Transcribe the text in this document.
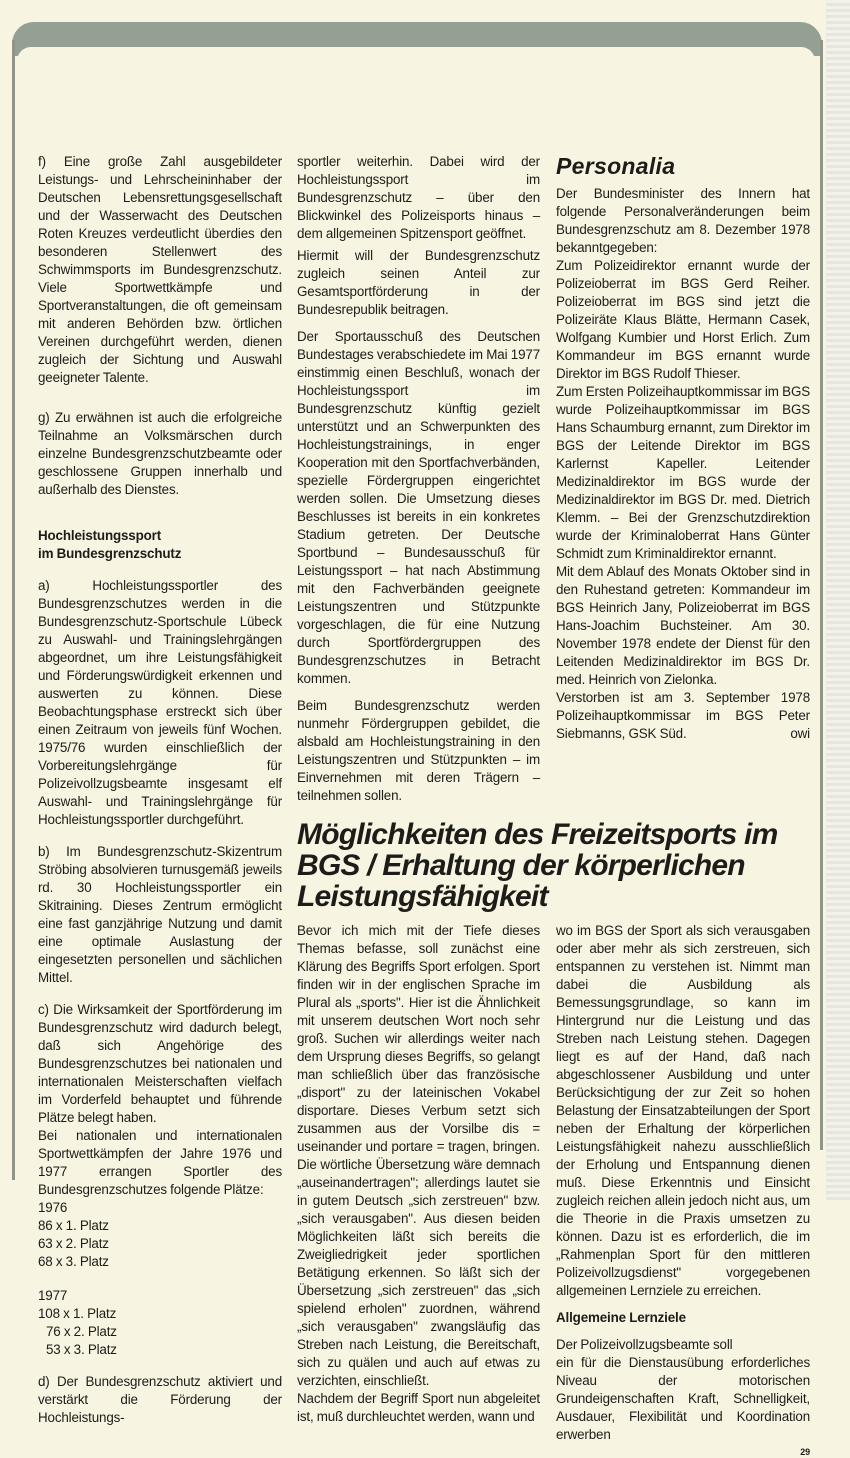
f) Eine große Zahl ausgebildeter Leistungs- und Lehrscheininhaber der Deutschen Lebensrettungsgesellschaft und der Wasserwacht des Deutschen Roten Kreuzes verdeutlicht überdies den besonderen Stellenwert des Schwimmsports im Bundesgrenzschutz. Viele Sportwettkämpfe und Sportveranstaltungen, die oft gemeinsam mit anderen Behörden bzw. örtlichen Vereinen durchgeführt werden, dienen zugleich der Sichtung und Auswahl geeigneter Talente.

g) Zu erwähnen ist auch die erfolgreiche Teilnahme an Volksmärschen durch einzelne Bundesgrenzschutzbeamte oder geschlossene Gruppen innerhalb und außerhalb des Dienstes.

Hochleistungssport
im Bundesgrenzschutz

a) Hochleistungssportler des Bundesgrenzschutzes werden in die Bundesgrenzschutz-Sportschule Lübeck zu Auswahl- und Trainingslehrgängen abgeordnet, um ihre Leistungsfähigkeit und Förderungswürdigkeit erkennen und auswerten zu können. Diese Beobachtungsphase erstreckt sich über einen Zeitraum von jeweils fünf Wochen. 1975/76 wurden einschließlich der Vorbereitungslehrgänge für Polizeivollzugsbeamte insgesamt elf Auswahl- und Trainingslehrgänge für Hochleistungssportler durchgeführt.

b) Im Bundesgrenzschutz-Skizentrum Ströbing absolvieren turnusgemäß jeweils rd. 30 Hochleistungssportler ein Skitraining. Dieses Zentrum ermöglicht eine fast ganzjährige Nutzung und damit eine optimale Auslastung der eingesetzten personellen und sächlichen Mittel.

c) Die Wirksamkeit der Sportförderung im Bundesgrenzschutz wird dadurch belegt, daß sich Angehörige des Bundesgrenzschutzes bei nationalen und internationalen Meisterschaften vielfach im Vorderfeld behauptet und führende Plätze belegt haben.

Bei nationalen und internationalen Sportwettkämpfen der Jahre 1976 und 1977 errangen Sportler des Bundesgrenzschutzes folgende Plätze:

1976

86 x 1. Platz

63 x 2. Platz

68 x 3. Platz

1977

108 x 1. Platz

76 x 2. Platz

53 x 3. Platz

d) Der Bundesgrenzschutz aktiviert und verstärkt die Förderung der Hochleistungs-

sportler weiterhin. Dabei wird der Hochleistungssport im Bundesgrenzschutz – über den Blickwinkel des Polizeisports hinaus – dem allgemeinen Spitzensport geöffnet.

Hiermit will der Bundesgrenzschutz zugleich seinen Anteil zur Gesamtsportförderung in der Bundesrepublik beitragen.

Der Sportausschuß des Deutschen Bundestages verabschiedete im Mai 1977 einstimmig einen Beschluß, wonach der Hochleistungssport im Bundesgrenzschutz künftig gezielt unterstützt und an Schwerpunkten des Hochleistungstrainings, in enger Kooperation mit den Sportfachverbänden, spezielle Fördergruppen eingerichtet werden sollen. Die Umsetzung dieses Beschlusses ist bereits in ein konkretes Stadium getreten. Der Deutsche Sportbund – Bundesausschuß für Leistungssport – hat nach Abstimmung mit den Fachverbänden geeignete Leistungszentren und Stützpunkte vorgeschlagen, die für eine Nutzung durch Sportfördergruppen des Bundesgrenzschutzes in Betracht kommen.

Beim Bundesgrenzschutz werden nunmehr Fördergruppen gebildet, die alsbald am Hochleistungstraining in den Leistungszentren und Stützpunkten – im Einvernehmen mit deren Trägern – teilnehmen sollen.

Personalia

Der Bundesminister des Innern hat folgende Personalveränderungen beim Bundesgrenzschutz am 8. Dezember 1978 bekanntgegeben:

Zum Polizeidirektor ernannt wurde der Polizeioberrat im BGS Gerd Reiher. Polizeioberrat im BGS sind jetzt die Polizeiräte Klaus Blätte, Hermann Casek, Wolfgang Kumbier und Horst Erlich. Zum Kommandeur im BGS ernannt wurde Direktor im BGS Rudolf Thieser.

Zum Ersten Polizeihauptkommissar im BGS wurde Polizeihauptkommissar im BGS Hans Schaumburg ernannt, zum Direktor im BGS der Leitende Direktor im BGS Karlernst Kapeller. Leitender Medizinaldirektor im BGS wurde der Medizinaldirektor im BGS Dr. med. Dietrich Klemm. – Bei der Grenzschutzdirektion wurde der Kriminaloberrat Hans Günter Schmidt zum Kriminaldirektor ernannt.

Mit dem Ablauf des Monats Oktober sind in den Ruhestand getreten: Kommandeur im BGS Heinrich Jany, Polizeioberrat im BGS Hans-Joachim Buchsteiner. Am 30. November 1978 endete der Dienst für den Leitenden Medizinaldirektor im BGS Dr. med. Heinrich von Zielonka.

Verstorben ist am 3. September 1978 Polizeihauptkommissar im BGS Peter Siebmanns, GSK Süd.	owi

Möglichkeiten des Freizeitsports im
BGS / Erhaltung der körperlichen
Leistungsfähigkeit

Bevor ich mich mit der Tiefe dieses Themas befasse, soll zunächst eine Klärung des Begriffs Sport erfolgen. Sport finden wir in der englischen Sprache im Plural als „sports". Hier ist die Ähnlichkeit mit unserem deutschen Wort noch sehr groß. Suchen wir allerdings weiter nach dem Ursprung dieses Begriffs, so gelangt man schließlich über das französische „disport" zu der lateinischen Vokabel disportare. Dieses Verbum setzt sich zusammen aus der Vorsilbe dis = useinander und portare = tragen, bringen. Die wörtliche Übersetzung wäre demnach „auseinandertragen"; allerdings lautet sie in gutem Deutsch „sich zerstreuen" bzw. „sich verausgaben". Aus diesen beiden Möglichkeiten läßt sich bereits die Zweigliedrigkeit jeder sportlichen Betätigung erkennen. So läßt sich der Übersetzung „sich zerstreuen" das „sich spielend erholen" zuordnen, während „sich verausgaben" zwangsläufig das Streben nach Leistung, die Bereitschaft, sich zu quälen und auch auf etwas zu verzichten, einschließt.

Nachdem der Begriff Sport nun abgeleitet ist, muß durchleuchtet werden, wann und

wo im BGS der Sport als sich verausgaben oder aber mehr als sich zerstreuen, sich entspannen zu verstehen ist. Nimmt man dabei die Ausbildung als Bemessungsgrundlage, so kann im Hintergrund nur die Leistung und das Streben nach Leistung stehen. Dagegen liegt es auf der Hand, daß nach abgeschlossener Ausbildung und unter Berücksichtigung der zur Zeit so hohen Belastung der Einsatzabteilungen der Sport neben der Erhaltung der körperlichen Leistungsfähigkeit nahezu ausschließlich der Erholung und Entspannung dienen muß. Diese Erkenntnis und Einsicht zugleich reichen allein jedoch nicht aus, um die Theorie in die Praxis umsetzen zu können. Dazu ist es erforderlich, die im „Rahmenplan Sport für den mittleren Polizeivollzugsdienst" vorgegebenen allgemeinen Lernziele zu erreichen.

Allgemeine Lernziele

Der Polizeivollzugsbeamte soll

ein für die Dienstausübung erforderliches Niveau der motorischen Grundeigenschaften Kraft, Schnelligkeit, Ausdauer, Flexibilität und Koordination erwerben

29
